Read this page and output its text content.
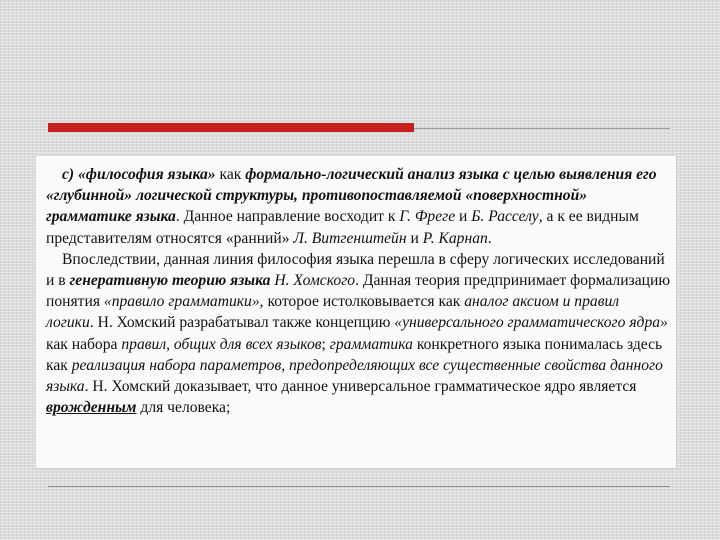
с) «философия языка» как формально-логический анализ языка с целью выявления его «глубинной» логической структуры, противопоставляемой «поверхностной» грамматике языка. Данное направление восходит к Г. Фреге и Б. Расселу, а к ее видным представителям относятся «ранний» Л. Витгенштейн и Р. Карнап.

Впоследствии, данная линия философия языка перешла в сферу логических исследований и в генеративную теорию языка Н. Хомского. Данная теория предпринимает формализацию понятия «правило грамматики», которое истолковывается как аналог аксиом и правил логики. Н. Хомский разрабатывал также концепцию «универсального грамматического ядра» как набора правил, общих для всех языков; грамматика конкретного языка понималась здесь как реализация набора параметров, предопределяющих все существенные свойства данного языка. Н. Хомский доказывает, что данное универсальное грамматическое ядро является врожденным для человека;
